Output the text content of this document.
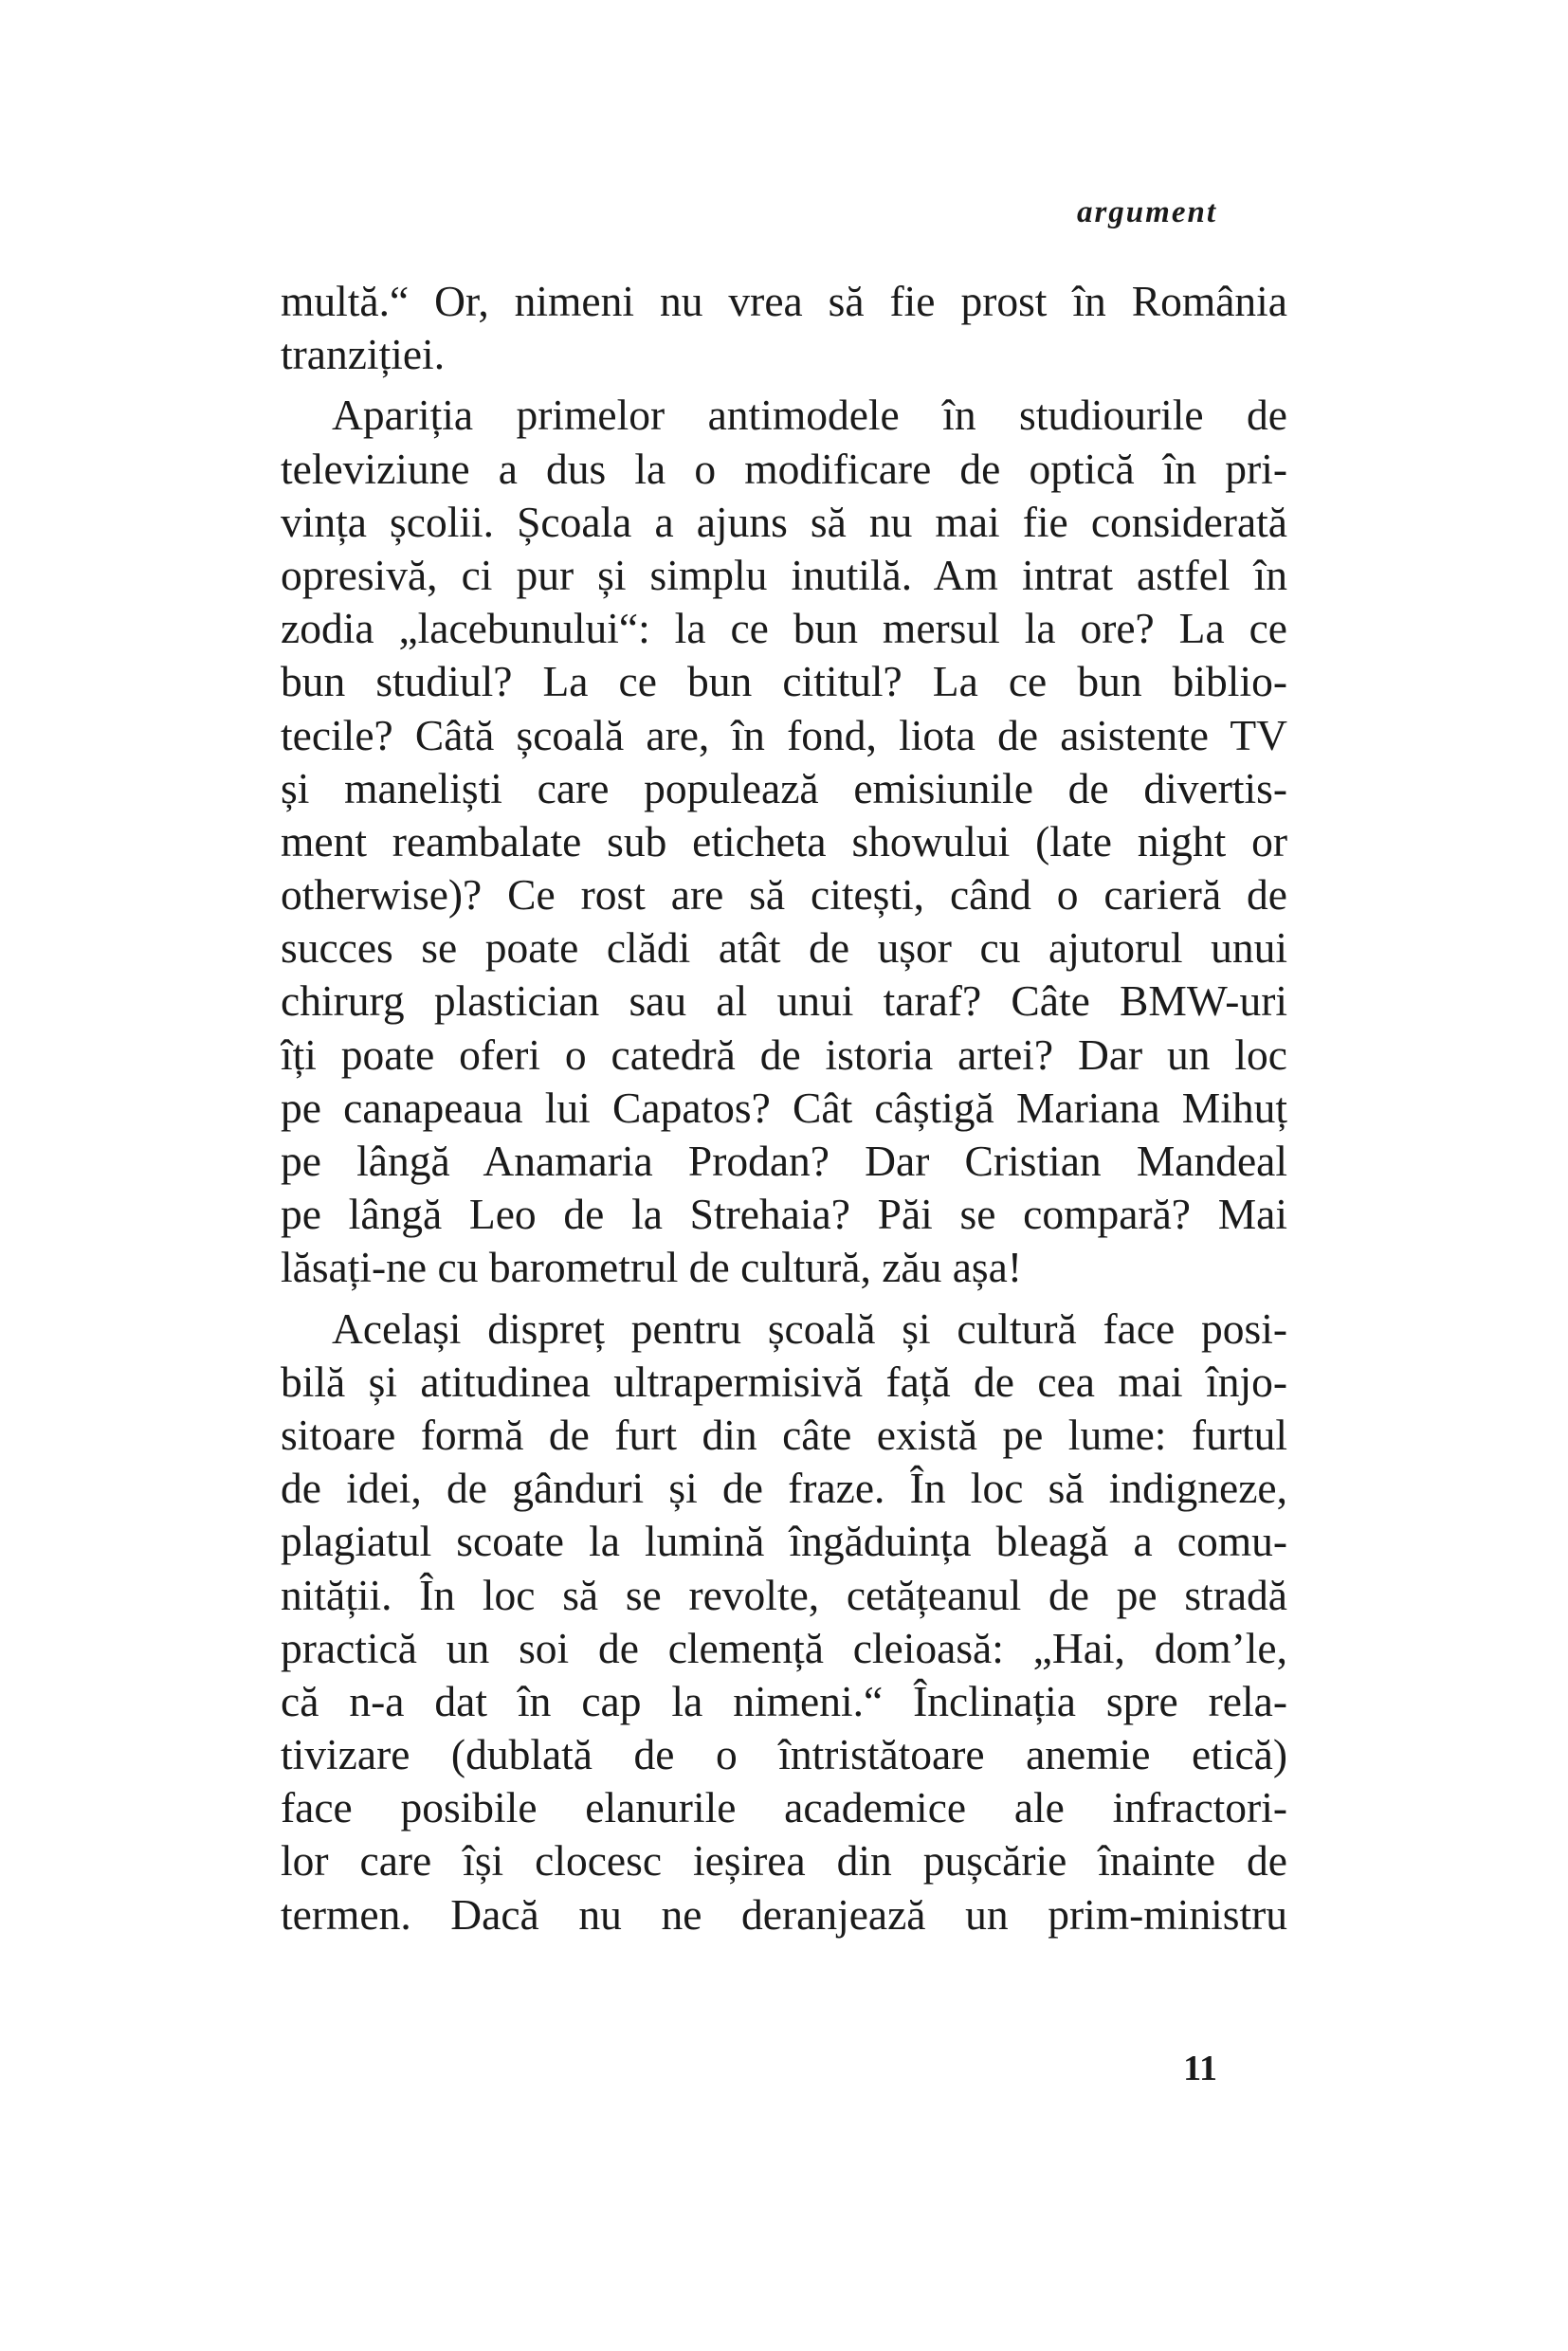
argument
multă.“ Or, nimeni nu vrea să fie prost în România
tranziției.
Apariția primelor antimodele în studiourile de
televiziune a dus la o modificare de optică în pri-
vința școlii. Școala a ajuns să nu mai fie considerată
opresivă, ci pur și simplu inutilă. Am intrat astfel în
zodia „lacebunului“: la ce bun mersul la ore? La ce
bun studiul? La ce bun cititul? La ce bun biblio-
tecile? Câtă școală are, în fond, liota de asistente TV
și maneliști care populează emisiunile de divertis-
ment reambalate sub eticheta showului (late night or
otherwise)? Ce rost are să citești, când o carieră de
succes se poate clădi atât de ușor cu ajutorul unui
chirurg plastician sau al unui taraf? Câte BMW-uri
îți poate oferi o catedră de istoria artei? Dar un loc
pe canapeaua lui Capatos? Cât câștigă Mariana Mihuț
pe lângă Anamaria Prodan? Dar Cristian Mandeal
pe lângă Leo de la Strehaia? Păi se compară? Mai
lăsați-ne cu barometrul de cultură, zău așa!
Același dispreț pentru școală și cultură face posi-
bilă și atitudinea ultrapermisivă față de cea mai înjo-
sitoare formă de furt din câte există pe lume: furtul
de idei, de gânduri și de fraze. În loc să indigneze,
plagiatul scoate la lumină îngăduința bleagă a comu-
nității. În loc să se revolte, cetățeanul de pe stradă
practică un soi de clemență cleioasă: „Hai, dom’le,
că n-a dat în cap la nimeni.“ Înclinația spre rela-
tivizare (dublată de o întristătoare anemie etică)
face posibile elanurile academice ale infractori-
lor care își clocesc ieșirea din pușcărie înainte de
termen. Dacă nu ne deranjează un prim-ministru
11
